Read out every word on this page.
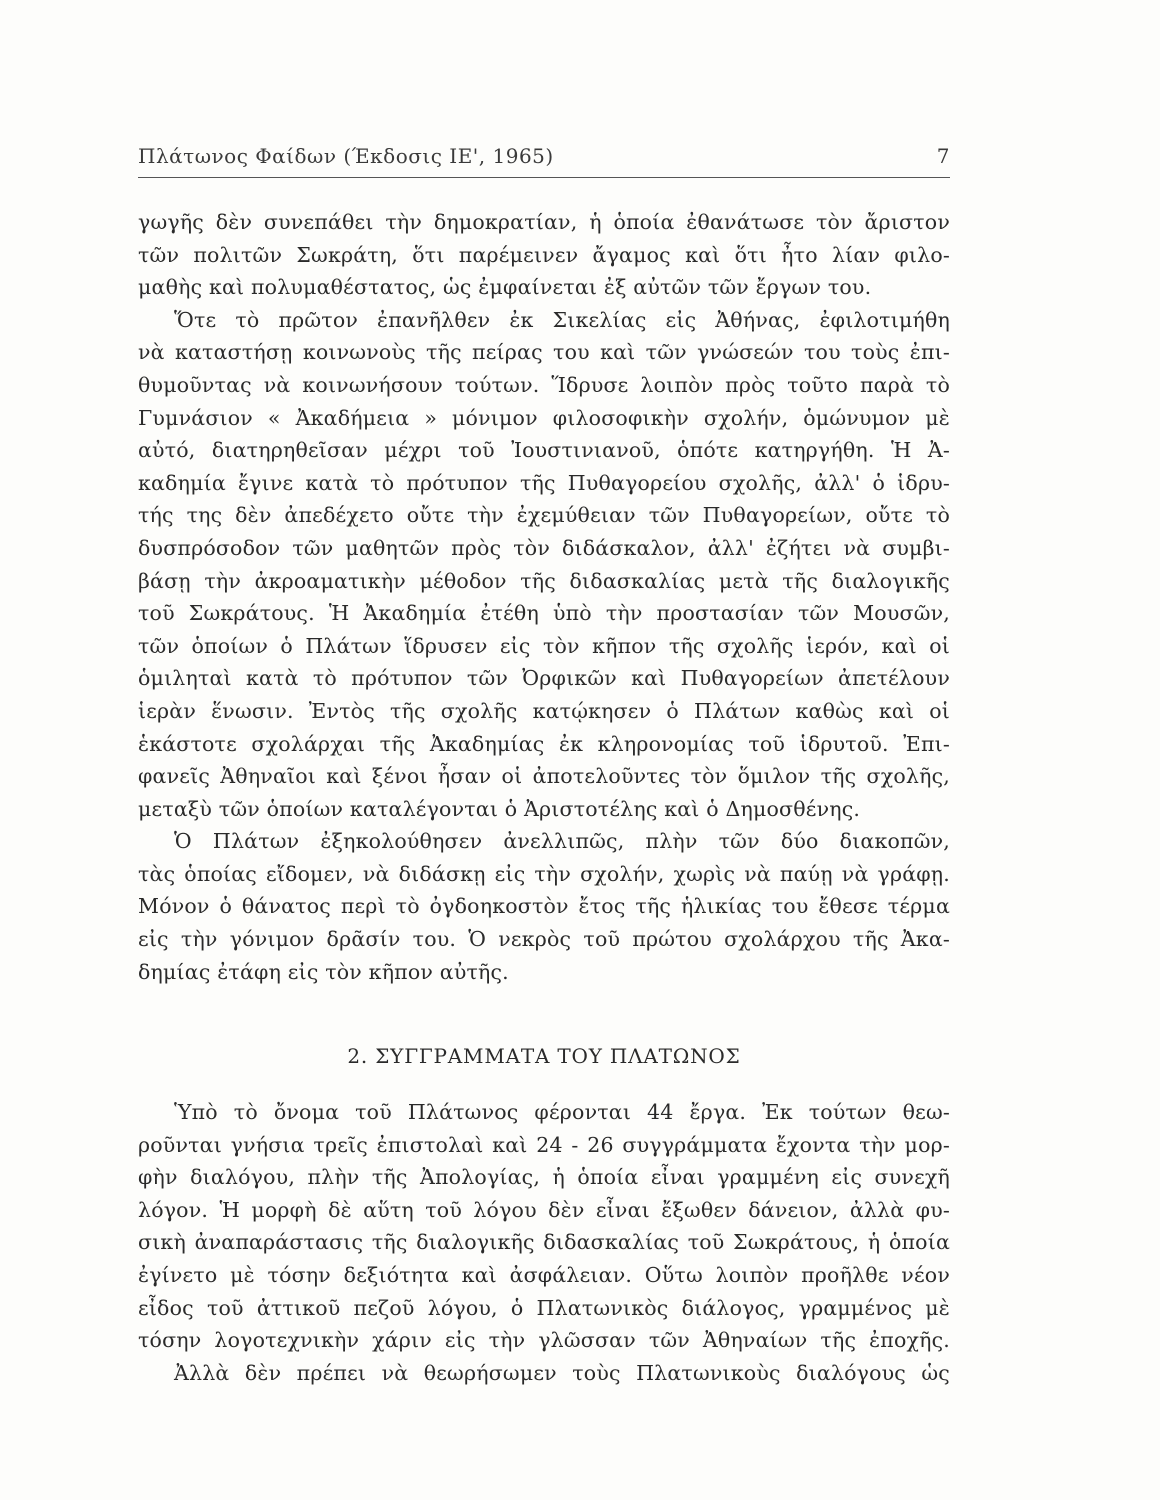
Πλάτωνος Φαίδων (Έκδοσις ΙΕ', 1965)	7
γωγῆς δὲν συνεπάθει τὴν δημοκρατίαν, ἡ ὁποία ἐθανάτωσε τὸν ἄριστον
τῶν πολιτῶν Σωκράτη, ὅτι παρέμεινεν ἄγαμος καὶ ὅτι ἦτο λίαν φιλο-
μαθὴς καὶ πολυμαθέστατος, ὡς ἐμφαίνεται ἐξ αὐτῶν τῶν ἔργων του.
Ὅτε τὸ πρῶτον ἐπανῆλθεν ἐκ Σικελίας εἰς Ἀθήνας, ἐφιλοτιμήθη
νὰ καταστήσῃ κοινωνοὺς τῆς πείρας του καὶ τῶν γνώσεών του τοὺς ἐπι-
θυμοῦντας νὰ κοινωνήσουν τούτων. Ἵδρυσε λοιπὸν πρὸς τοῦτο παρὰ τὸ
Γυμνάσιον « Ἀκαδήμεια » μόνιμον φιλοσοφικὴν σχολήν, ὁμώνυμον μὲ
αὐτό, διατηρηθεῖσαν μέχρι τοῦ Ἰουστινιανοῦ, ὁπότε κατηργήθη. Ἡ Ἀ-
καδημία ἔγινε κατὰ τὸ πρότυπον τῆς Πυθαγορείου σχολῆς, ἀλλ' ὁ ἱδρυ-
τής της δὲν ἀπεδέχετο οὔτε τὴν ἐχεμύθειαν τῶν Πυθαγορείων, οὔτε τὸ
δυσπρόσοδον τῶν μαθητῶν πρὸς τὸν διδάσκαλον, ἀλλ' ἐζήτει νὰ συμβι-
βάσῃ τὴν ἀκροαματικὴν μέθοδον τῆς διδασκαλίας μετὰ τῆς διαλογικῆς
τοῦ Σωκράτους. Ἡ Ἀκαδημία ἐτέθη ὑπὸ τὴν προστασίαν τῶν Μουσῶν,
τῶν ὁποίων ὁ Πλάτων ἵδρυσεν εἰς τὸν κῆπον τῆς σχολῆς ἱερόν, καὶ οἱ
ὁμιληταὶ κατὰ τὸ πρότυπον τῶν Ὀρφικῶν καὶ Πυθαγορείων ἀπετέλουν
ἱερὰν ἕνωσιν. Ἐντὸς τῆς σχολῆς κατῴκησεν ὁ Πλάτων καθὼς καὶ οἱ
ἑκάστοτε σχολάρχαι τῆς Ἀκαδημίας ἐκ κληρονομίας τοῦ ἱδρυτοῦ. Ἐπι-
φανεῖς Ἀθηναῖοι καὶ ξένοι ἦσαν οἱ ἀποτελοῦντες τὸν ὅμιλον τῆς σχολῆς,
μεταξὺ τῶν ὁποίων καταλέγονται ὁ Ἀριστοτέλης καὶ ὁ Δημοσθένης.
Ὁ Πλάτων ἐξηκολούθησεν ἀνελλιπῶς, πλὴν τῶν δύο διακοπῶν,
τὰς ὁποίας εἴδομεν, νὰ διδάσκῃ εἰς τὴν σχολήν, χωρὶς νὰ παύῃ νὰ γράφῃ.
Μόνον ὁ θάνατος περὶ τὸ ὀγδοηκοστὸν ἔτος τῆς ἡλικίας του ἔθεσε τέρμα
εἰς τὴν γόνιμον δρᾶσίν του. Ὁ νεκρὸς τοῦ πρώτου σχολάρχου τῆς Ἀκα-
δημίας ἐτάφη εἰς τὸν κῆπον αὐτῆς.
2. ΣΥΓΓΡΑΜΜΑΤΑ ΤΟΥ ΠΛΑΤΩΝΟΣ
Ὑπὸ τὸ ὄνομα τοῦ Πλάτωνος φέρονται 44 ἔργα. Ἐκ τούτων θεω-
ροῦνται γνήσια τρεῖς ἐπιστολαὶ καὶ 24 - 26 συγγράμματα ἔχοντα τὴν μορ-
φὴν διαλόγου, πλὴν τῆς Ἀπολογίας, ἡ ὁποία εἶναι γραμμένη εἰς συνεχῆ
λόγον. Ἡ μορφὴ δὲ αὕτη τοῦ λόγου δὲν εἶναι ἔξωθεν δάνειον, ἀλλὰ φυ-
σικὴ ἀναπαράστασις τῆς διαλογικῆς διδασκαλίας τοῦ Σωκράτους, ἡ ὁποία
ἐγίνετο μὲ τόσην δεξιότητα καὶ ἀσφάλειαν. Οὕτω λοιπὸν προῆλθε νέον
εἶδος τοῦ ἀττικοῦ πεζοῦ λόγου, ὁ Πλατωνικὸς διάλογος, γραμμένος μὲ
τόσην λογοτεχνικὴν χάριν εἰς τὴν γλῶσσαν τῶν Ἀθηναίων τῆς ἐποχῆς.
Ἀλλὰ δὲν πρέπει νὰ θεωρήσωμεν τοὺς Πλατωνικοὺς διαλόγους ὡς
